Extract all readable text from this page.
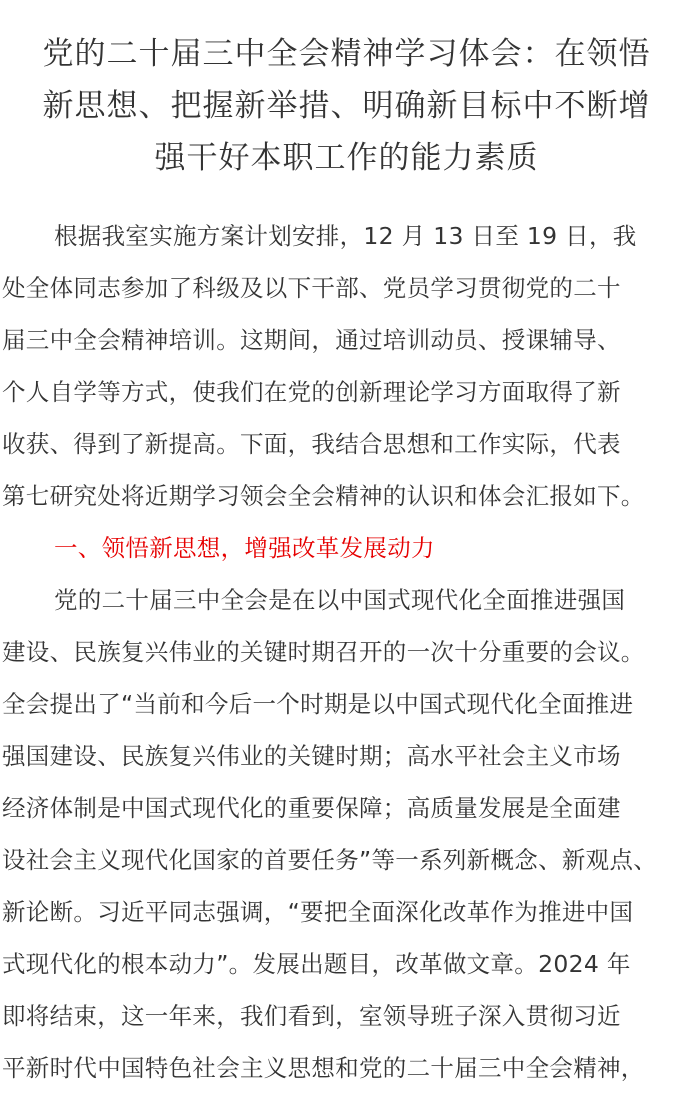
党的二十届三中全会精神学习体会：在领悟
新思想、把握新举措、明确新目标中不断增
强干好本职工作的能力素质
根据我室实施方案计划安排，12 月 13 日至 19 日，我
处全体同志参加了科级及以下干部、党员学习贯彻党的二十
届三中全会精神培训。这期间，通过培训动员、授课辅导、
个人自学等方式，使我们在党的创新理论学习方面取得了新
收获、得到了新提高。下面，我结合思想和工作实际，代表
第七研究处将近期学习领会全会精神的认识和体会汇报如下。
一、领悟新思想，增强改革发展动力
党的二十届三中全会是在以中国式现代化全面推进强国
建设、民族复兴伟业的关键时期召开的一次十分重要的会议。
全会提出了“当前和今后一个时期是以中国式现代化全面推进
强国建设、民族复兴伟业的关键时期；高水平社会主义市场
经济体制是中国式现代化的重要保障；高质量发展是全面建
设社会主义现代化国家的首要任务”等一系列新概念、新观点、
新论断。习近平同志强调，“要把全面深化改革作为推进中国
式现代化的根本动力”。发展出题目，改革做文章。2024 年
即将结束，这一年来，我们看到，室领导班子深入贯彻习近
平新时代中国特色社会主义思想和党的二十届三中全会精神，
